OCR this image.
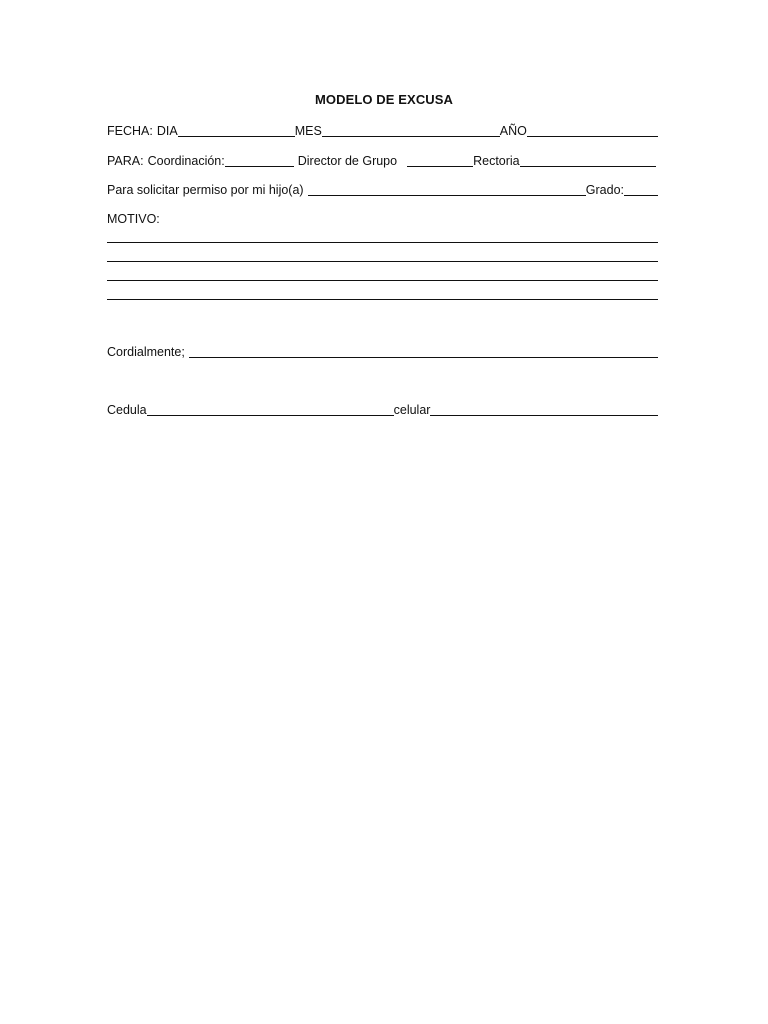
MODELO DE EXCUSA
FECHA: DIA	MES	AÑO
PARA: Coordinación:	Director de Grupo	Rectoria
Para solicitar permiso por mi hijo(a)	Grado:
MOTIVO:
Cordialmente;
Cedula	celular
